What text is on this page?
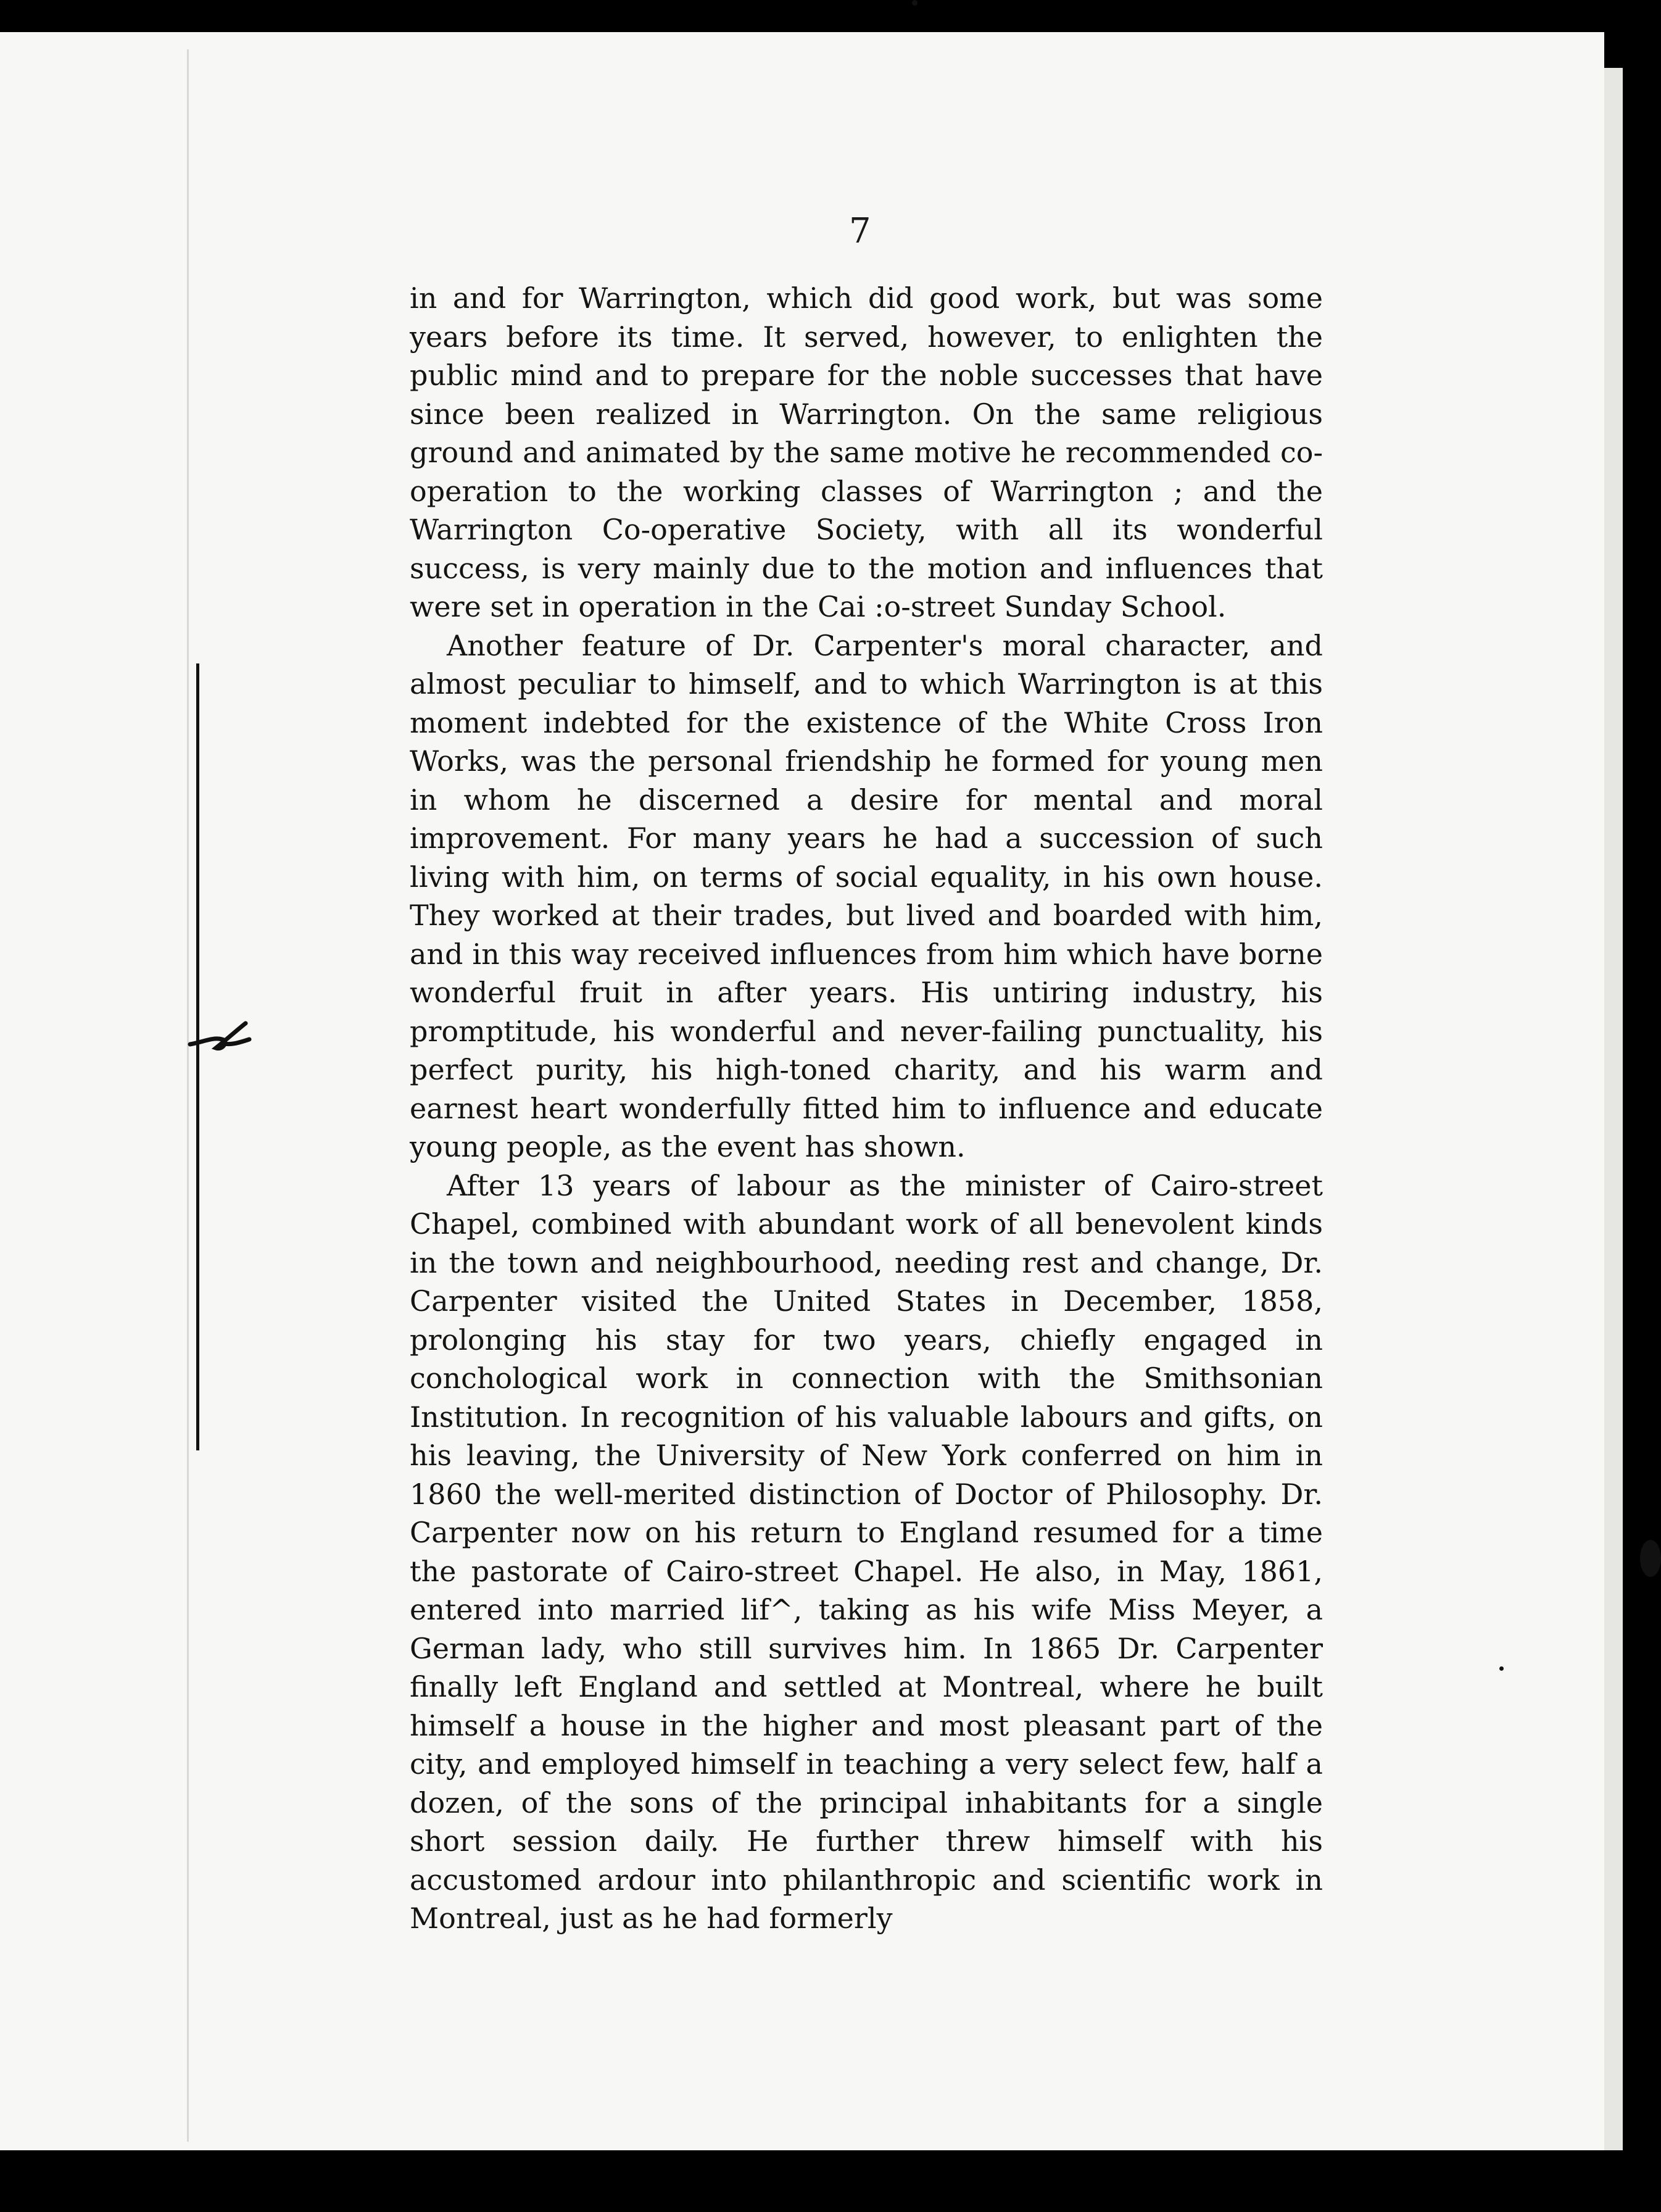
7

in and for Warrington, which did good work, but was some years before its time. It served, however, to enlighten the public mind and to prepare for the noble successes that have since been realized in Warrington. On the same religious ground and animated by the same motive he recommended co-operation to the working classes of Warrington ; and the Warrington Co-operative Society, with all its wonderful success, is very mainly due to the motion and influences that were set in operation in the Cai :o-street Sunday School.

Another feature of Dr. Carpenter's moral character, and almost peculiar to himself, and to which Warrington is at this moment indebted for the existence of the White Cross Iron Works, was the personal friendship he formed for young men in whom he discerned a desire for mental and moral improvement. For many years he had a succession of such living with him, on terms of social equality, in his own house. They worked at their trades, but lived and boarded with him, and in this way received influences from him which have borne wonderful fruit in after years. His untiring industry, his promptitude, his wonderful and never-failing punctuality, his perfect purity, his high-toned charity, and his warm and earnest heart wonderfully fitted him to influence and educate young people, as the event has shown.

After 13 years of labour as the minister of Cairo-street Chapel, combined with abundant work of all benevolent kinds in the town and neighbourhood, needing rest and change, Dr. Carpenter visited the United States in December, 1858, prolonging his stay for two years, chiefly engaged in conchological work in connection with the Smithsonian Institution. In recognition of his valuable labours and gifts, on his leaving, the University of New York conferred on him in 1860 the well-merited distinction of Doctor of Philosophy. Dr. Carpenter now on his return to England resumed for a time the pastorate of Cairo-street Chapel. He also, in May, 1861, entered into married lif^, taking as his wife Miss Meyer, a German lady, who still survives him. In 1865 Dr. Carpenter finally left England and settled at Montreal, where he built himself a house in the higher and most pleasant part of the city, and employed himself in teaching a very select few, half a dozen, of the sons of the principal inhabitants for a single short session daily. He further threw himself with his accustomed ardour into philanthropic and scientific work in Montreal, just as he had formerly
